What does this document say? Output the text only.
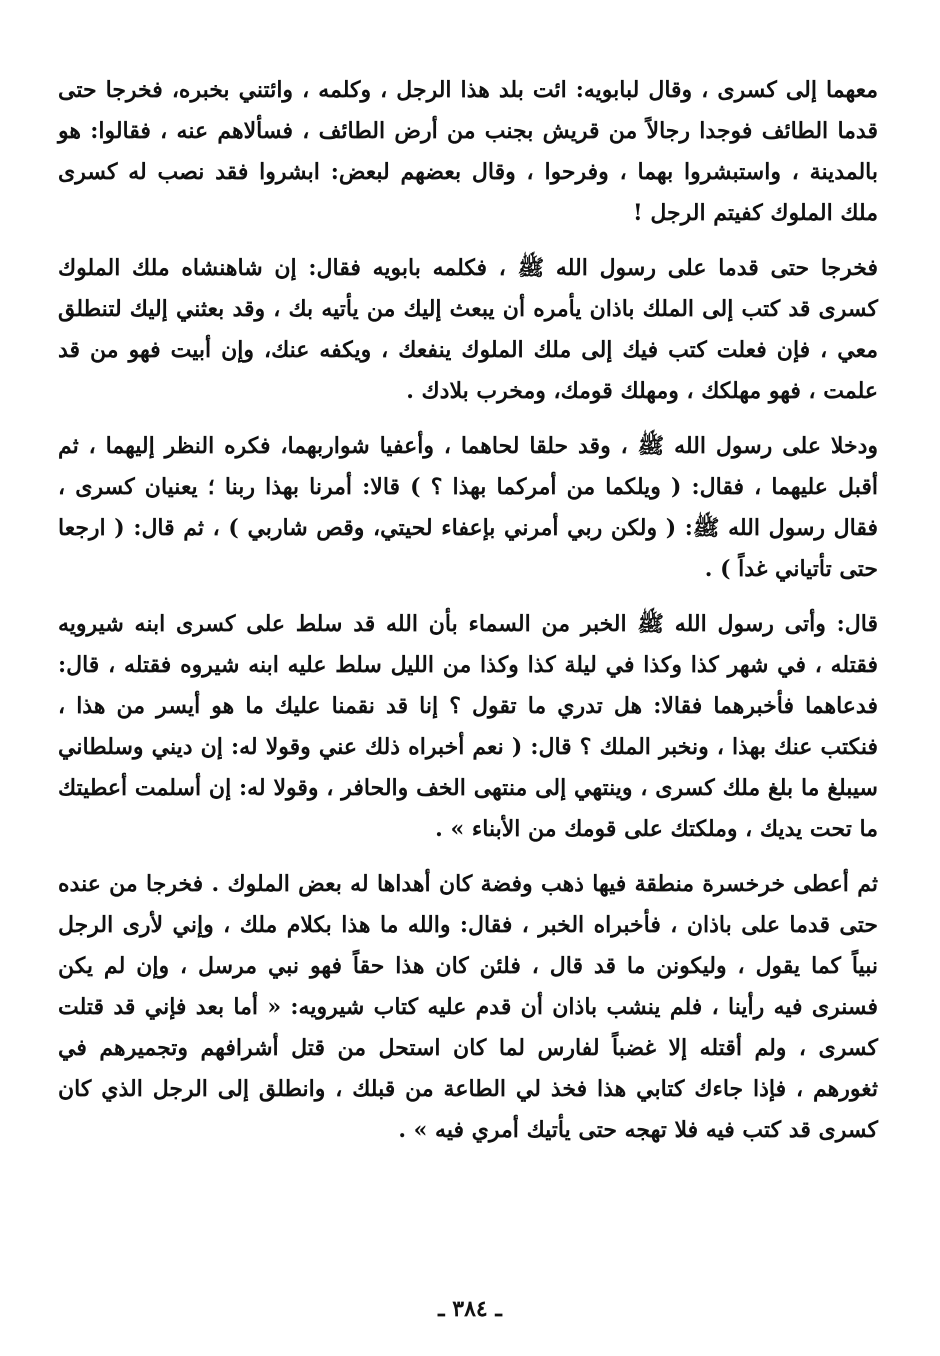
معهما إلى كسرى ، وقال لبابويه: ائت بلد هذا الرجل ، وكلمه ، وائتني بخبره، فخرجا حتى قدما الطائف فوجدا رجالاً من قريش بجنب من أرض الطائف ، فسألاهم عنه ، فقالوا: هو بالمدينة ، واستبشروا بهما ، وفرحوا ، وقال بعضهم لبعض: ابشروا فقد نصب له كسرى ملك الملوك كفيتم الرجل !

فخرجا حتى قدما على رسول الله ﷺ ، فكلمه بابويه فقال: إن شاهنشاه ملك الملوك كسرى قد كتب إلى الملك باذان يأمره أن يبعث إليك من يأتيه بك ، وقد بعثني إليك لتنطلق معي ، فإن فعلت كتب فيك إلى ملك الملوك ينفعك ، ويكفه عنك، وإن أبيت فهو من قد علمت ، فهو مهلكك ، ومهلك قومك، ومخرب بلادك .

ودخلا على رسول الله ﷺ ، وقد حلقا لحاهما ، وأعفيا شواربهما، فكره النظر إليهما ، ثم أقبل عليهما ، فقال: ( ويلكما من أمركما بهذا ؟ ) قالا: أمرنا بهذا ربنا ؛ يعنيان كسرى ، فقال رسول الله ﷺ: ( ولكن ربي أمرني بإعفاء لحيتي، وقص شاربي ) ، ثم قال: ( ارجعا حتى تأتياني غداً ) .

قال: وأتى رسول الله ﷺ الخبر من السماء بأن الله قد سلط على كسرى ابنه شيرويه فقتله ، في شهر كذا وكذا في ليلة كذا وكذا من الليل سلط عليه ابنه شيروه فقتله ، قال: فدعاهما فأخبرهما فقالا: هل تدري ما تقول ؟ إنا قد نقمنا عليك ما هو أيسر من هذا ، فنكتب عنك بهذا ، ونخبر الملك ؟ قال: ( نعم أخبراه ذلك عني وقولا له: إن ديني وسلطاني سيبلغ ما بلغ ملك كسرى ، وينتهي إلى منتهى الخف والحافر ، وقولا له: إن أسلمت أعطيتك ما تحت يديك ، وملكتك على قومك من الأبناء » .

ثم أعطى خرخسرة منطقة فيها ذهب وفضة كان أهداها له بعض الملوك . فخرجا من عنده حتى قدما على باذان ، فأخبراه الخبر ، فقال: والله ما هذا بكلام ملك ، وإني لأرى الرجل نبياً كما يقول ، وليكونن ما قد قال ، فلئن كان هذا حقاً فهو نبي مرسل ، وإن لم يكن فسنرى فيه رأينا ، فلم ينشب باذان أن قدم عليه كتاب شيرويه: « أما بعد فإني قد قتلت كسرى ، ولم أقتله إلا غضباً لفارس لما كان استحل من قتل أشرافهم وتجميرهم في ثغورهم ، فإذا جاءك كتابي هذا فخذ لي الطاعة من قبلك ، وانطلق إلى الرجل الذي كان كسرى قد كتب فيه فلا تهجه حتى يأتيك أمري فيه » .

ـ ٣٨٤ ـ
